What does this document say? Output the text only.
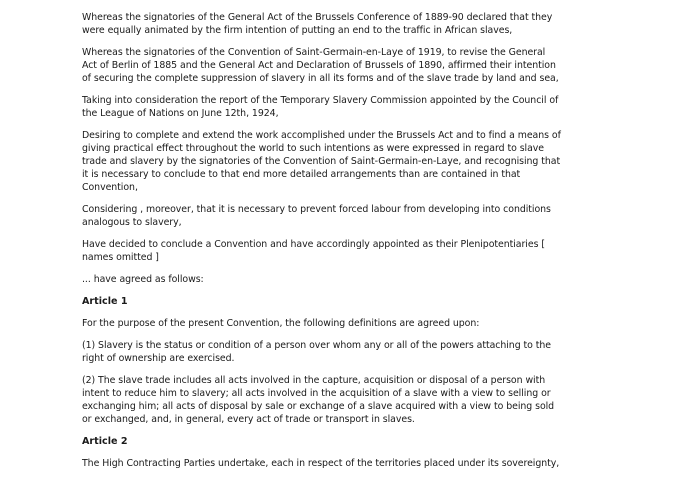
Whereas the signatories of the General Act of the Brussels Conference of 1889-90 declared that they
were equally animated by the firm intention of putting an end to the traffic in African slaves,

Whereas the signatories of the Convention of Saint-Germain-en-Laye of 1919, to revise the General
Act of Berlin of 1885 and the General Act and Declaration of Brussels of 1890, affirmed their intention
of securing the complete suppression of slavery in all its forms and of the slave trade by land and sea,

Taking into consideration the report of the Temporary Slavery Commission appointed by the Council of
the League of Nations on June 12th, 1924,

Desiring to complete and extend the work accomplished under the Brussels Act and to find a means of
giving practical effect throughout the world to such intentions as were expressed in regard to slave
trade and slavery by the signatories of the Convention of Saint-Germain-en-Laye, and recognising that
it is necessary to conclude to that end more detailed arrangements than are contained in that
Convention,

Considering , moreover, that it is necessary to prevent forced labour from developing into conditions
analogous to slavery,

Have decided to conclude a Convention and have accordingly appointed as their Plenipotentiaries [
names omitted ]

... have agreed as follows:

Article 1

For the purpose of the present Convention, the following definitions are agreed upon:

(1) Slavery is the status or condition of a person over whom any or all of the powers attaching to the
right of ownership are exercised.

(2) The slave trade includes all acts involved in the capture, acquisition or disposal of a person with
intent to reduce him to slavery; all acts involved in the acquisition of a slave with a view to selling or
exchanging him; all acts of disposal by sale or exchange of a slave acquired with a view to being sold
or exchanged, and, in general, every act of trade or transport in slaves.

Article 2

The High Contracting Parties undertake, each in respect of the territories placed under its sovereignty,
